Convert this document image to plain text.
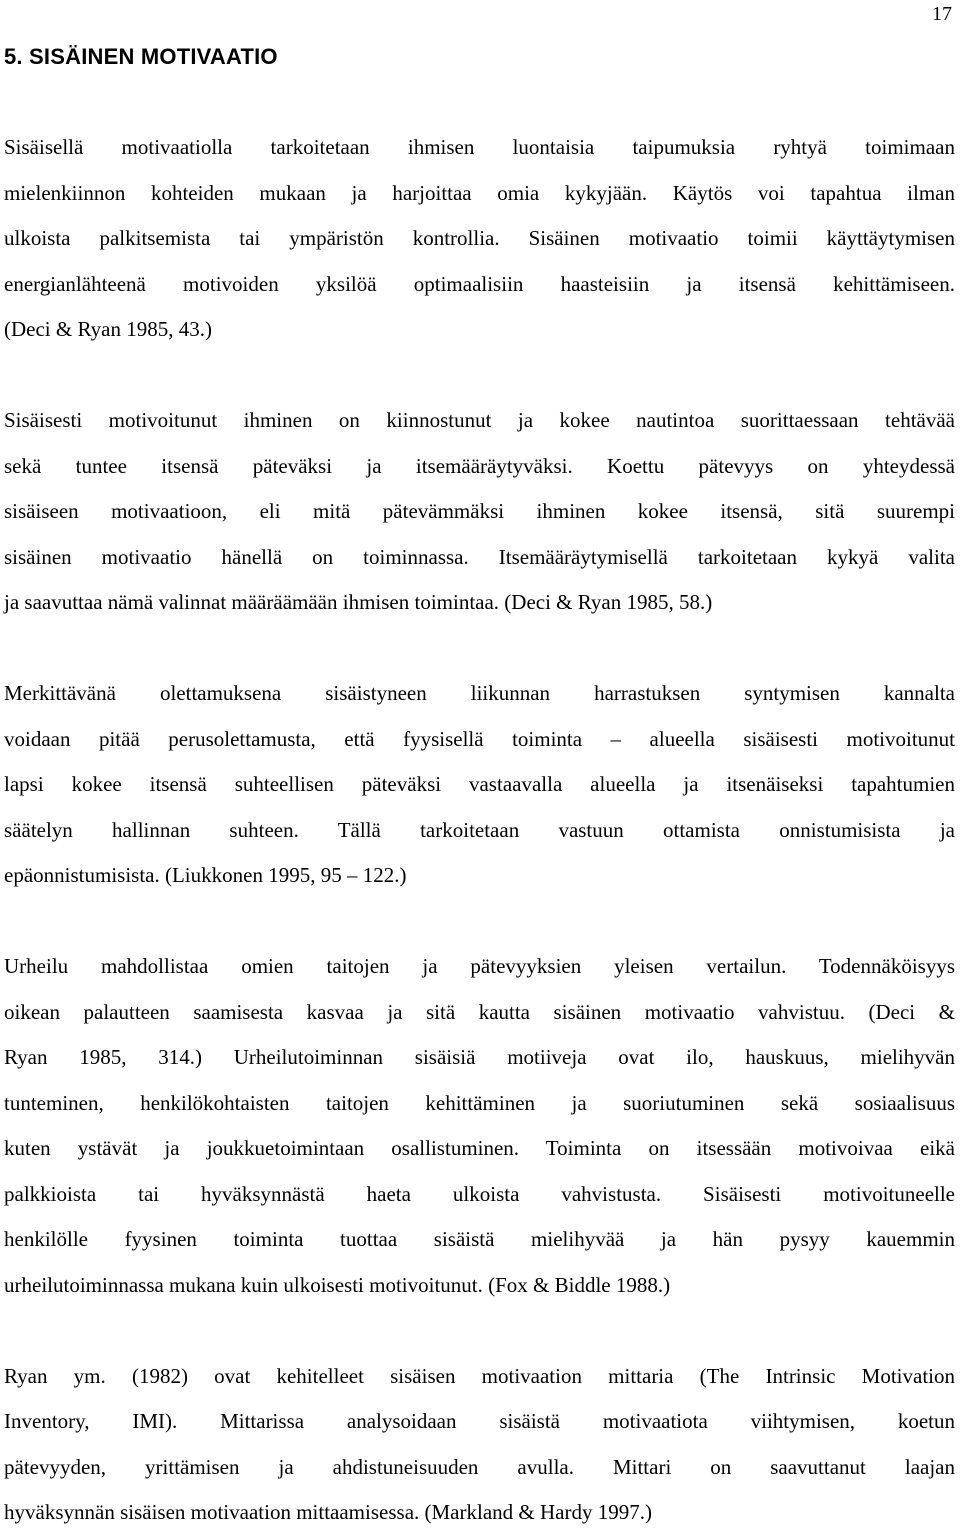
17
5. SISÄINEN MOTIVAATIO

Sisäisellä motivaatiolla tarkoitetaan ihmisen luontaisia taipumuksia ryhtyä toimimaan
mielenkiinnon kohteiden mukaan ja harjoittaa omia kykyjään. Käytös voi tapahtua ilman
ulkoista palkitsemista tai ympäristön kontrollia. Sisäinen motivaatio toimii käyttäytymisen
energianlähteenä motivoiden yksilöä optimaalisiin haasteisiin ja itsensä kehittämiseen.
(Deci & Ryan 1985, 43.)

Sisäisesti motivoitunut ihminen on kiinnostunut ja kokee nautintoa suorittaessaan tehtävää
sekä tuntee itsensä päteväksi ja itsemääräytyväksi. Koettu pätevyys on yhteydessä
sisäiseen motivaatioon, eli mitä pätevämmäksi ihminen kokee itsensä, sitä suurempi
sisäinen motivaatio hänellä on toiminnassa. Itsemääräytymisellä tarkoitetaan kykyä valita
ja saavuttaa nämä valinnat määräämään ihmisen toimintaa. (Deci & Ryan 1985, 58.)

Merkittävänä olettamuksena sisäistyneen liikunnan harrastuksen syntymisen kannalta
voidaan pitää perusolettamusta, että fyysisellä toiminta – alueella sisäisesti motivoitunut
lapsi kokee itsensä suhteellisen päteväksi vastaavalla alueella ja itsenäiseksi tapahtumien
säätelyn hallinnan suhteen. Tällä tarkoitetaan vastuun ottamista onnistumisista ja
epäonnistumisista. (Liukkonen 1995, 95 – 122.)

Urheilu mahdollistaa omien taitojen ja pätevyyksien yleisen vertailun. Todennäköisyys
oikean palautteen saamisesta kasvaa ja sitä kautta sisäinen motivaatio vahvistuu. (Deci &
Ryan 1985, 314.) Urheilutoiminnan sisäisiä motiiveja ovat ilo, hauskuus, mielihyvän
tunteminen, henkilökohtaisten taitojen kehittäminen ja suoriutuminen sekä sosiaalisuus
kuten ystävät ja joukkuetoimintaan osallistuminen. Toiminta on itsessään motivoivaa eikä
palkkioista tai hyväksynnästä haeta ulkoista vahvistusta. Sisäisesti motivoituneelle
henkilölle fyysinen toiminta tuottaa sisäistä mielihyvää ja hän pysyy kauemmin
urheilutoiminnassa mukana kuin ulkoisesti motivoitunut. (Fox & Biddle 1988.)

Ryan ym. (1982) ovat kehitelleet sisäisen motivaation mittaria (The Intrinsic Motivation
Inventory, IMI). Mittarissa analysoidaan sisäistä motivaatiota viihtymisen, koetun
pätevyyden, yrittämisen ja ahdistuneisuuden avulla. Mittari on saavuttanut laajan
hyväksynnän sisäisen motivaation mittaamisessa. (Markland & Hardy 1997.)
